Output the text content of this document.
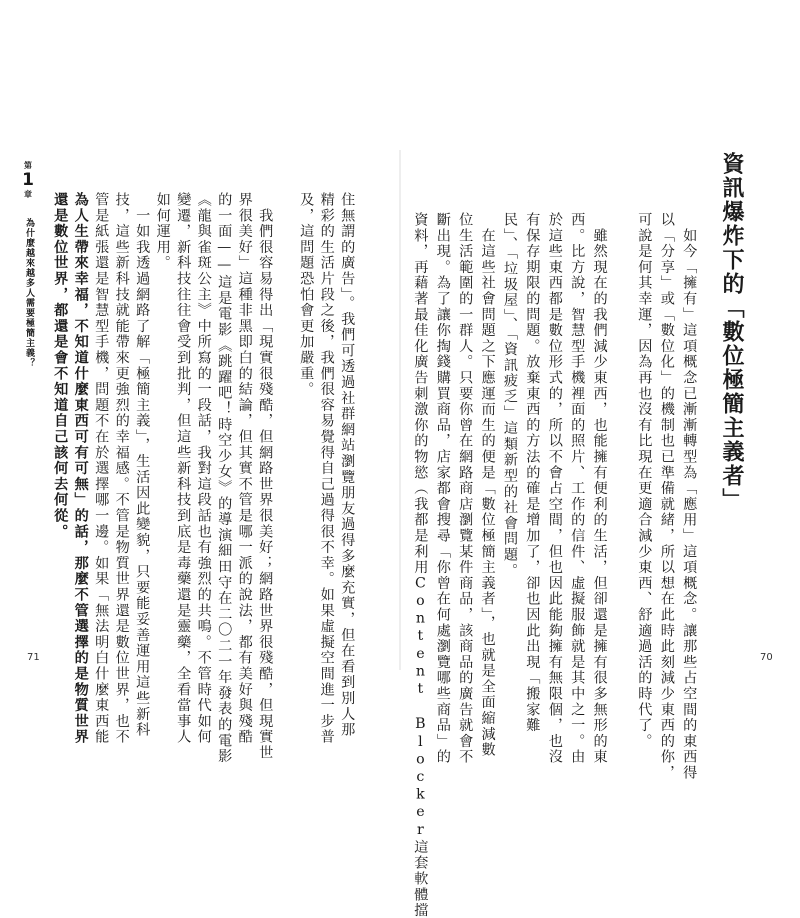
第
1
章
為什麼越來越多人需要極簡主義？	住無謂的廣告」。我們可透過社群網站瀏覽朋友過得多麼充實，但在看到別人那
精彩的生活片段之後，我們很容易覺得自己過得很不幸。如果虛擬空間進一步普
及，這問題恐怕會更加嚴重。
　我們很容易得出「現實很殘酷，但網路世界很美好；網路世界很殘酷，但現實世
界很美好」這種非黑即白的結論，但其實不管是哪一派的說法，都有美好與殘酷
的一面——這是電影《跳躍吧！時空少女》的導演細田守在二〇二一年發表的電影
《龍與雀斑公主》中所寫的一段話，我對這段話也有強烈的共鳴。不管時代如何
變遷，新科技往往會受到批判，但這些新科技到底是毒藥還是靈藥，全看當事人
如何運用。
　一如我透過網路了解「極簡主義」，生活因此變貌，只要能妥善運用這些新科
技，這些新科技就能帶來更強烈的幸福感。不管是物質世界還是數位世界，也不
管是紙張還是智慧型手機，問題不在於選擇哪一邊。如果「無法明白什麼東西能
為人生帶來幸福，不知道什麼東西可有可無」的話，那麼不管選擇的是物質世界
還是數位世界，都還是會不知道自己該何去何從。
71
資訊爆炸下的「數位極簡主義者」
　如今「擁有」這項概念已漸漸轉型為「應用」這項概念。讓那些占空間的東西得
以「分享」或「數位化」的機制也已準備就緒，所以想在此時此刻減少東西的你，
可說是何其幸運，因為再也沒有比現在更適合減少東西、舒適過活的時代了。
　雖然現在的我們減少東西，也能擁有便利的生活，但卻還是擁有很多無形的東
西。比方說，智慧型手機裡面的照片、工作的信件、虛擬服飾就是其中之一。由
於這些東西都是數位形式的，所以不會占空間，但也因此能夠擁有無限個，也沒
有保存期限的問題。放棄東西的方法的確是增加了，卻也因此出現「搬家難
民」、「垃圾屋」、「資訊疲乏」這類新型的社會問題。
　在這些社會問題之下應運而生的便是「數位極簡主義者」，也就是全面縮減數
位生活範圍的一群人。只要你曾在網路商店瀏覽某件商品，該商品的廣告就會不
斷出現。為了讓你掏錢購買商品，店家都會搜尋「你曾在何處瀏覽哪些商品」的
資料，再藉著最佳化廣告刺激你的物慾（我都是利用Content Blocker這套軟體擋	70
